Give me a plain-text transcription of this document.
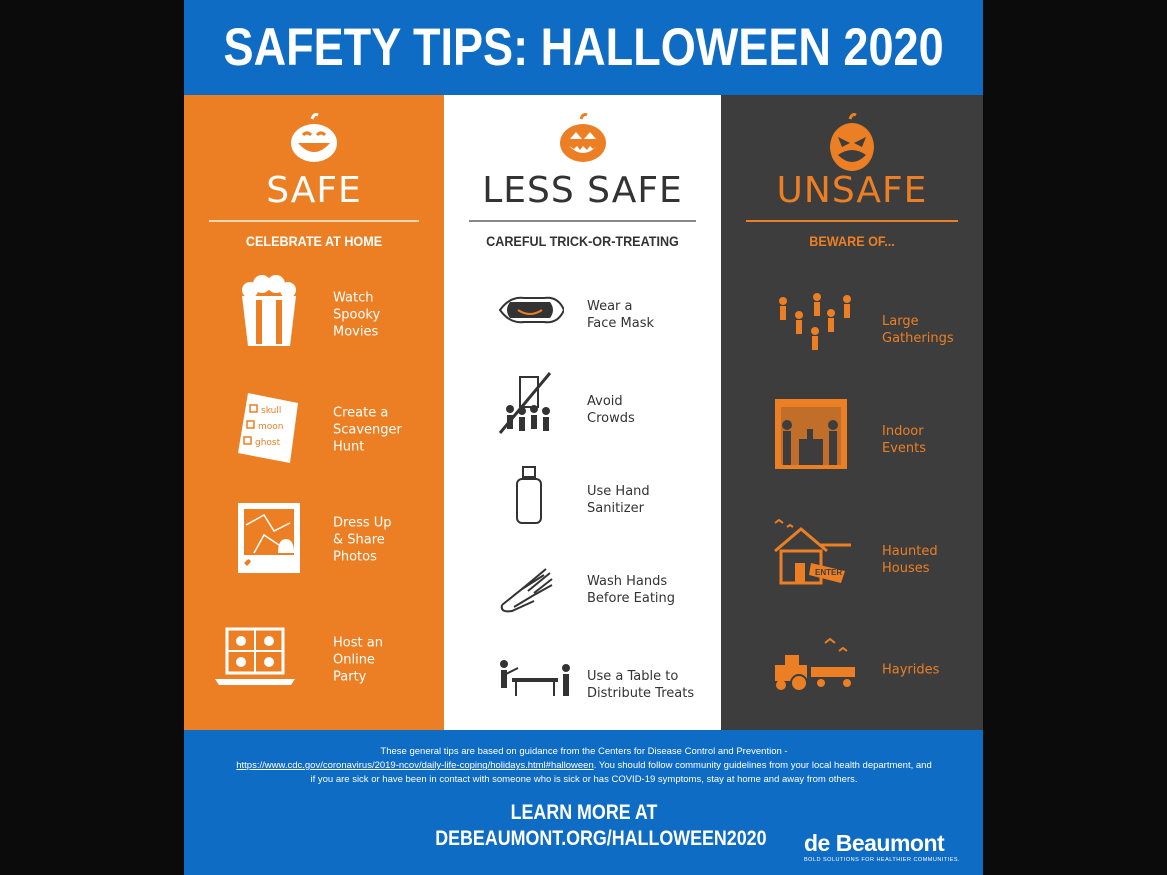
SAFETY TIPS: HALLOWEEN 2020
SAFE
CELEBRATE AT HOME
Watch
Spooky
Movies
skull
moon
ghost
Create a
Scavenger
Hunt
Dress Up
& Share
Photos
Host an
Online
Party
LESS SAFE
CAREFUL TRICK-OR-TREATING
Wear a
Face Mask
Avoid
Crowds
Use Hand
Sanitizer
Wash Hands
Before Eating
Use a Table to
Distribute Treats
UNSAFE
BEWARE OF...
Large
Gatherings
Indoor
Events
ENTER
Haunted
Houses
Hayrides
These general tips are based on guidance from the Centers for Disease Control and Prevention -
https://www.cdc.gov/coronavirus/2019-ncov/daily-life-coping/holidays.html#halloween. You should follow community guidelines from your local health department, and if you are sick or have been in contact with someone who is sick or has COVID-19 symptoms, stay at home and away from others.
LEARN MORE AT
DEBEAUMONT.ORG/HALLOWEEN2020 de Beaumont
BOLD SOLUTIONS FOR HEALTHIER COMMUNITIES.
